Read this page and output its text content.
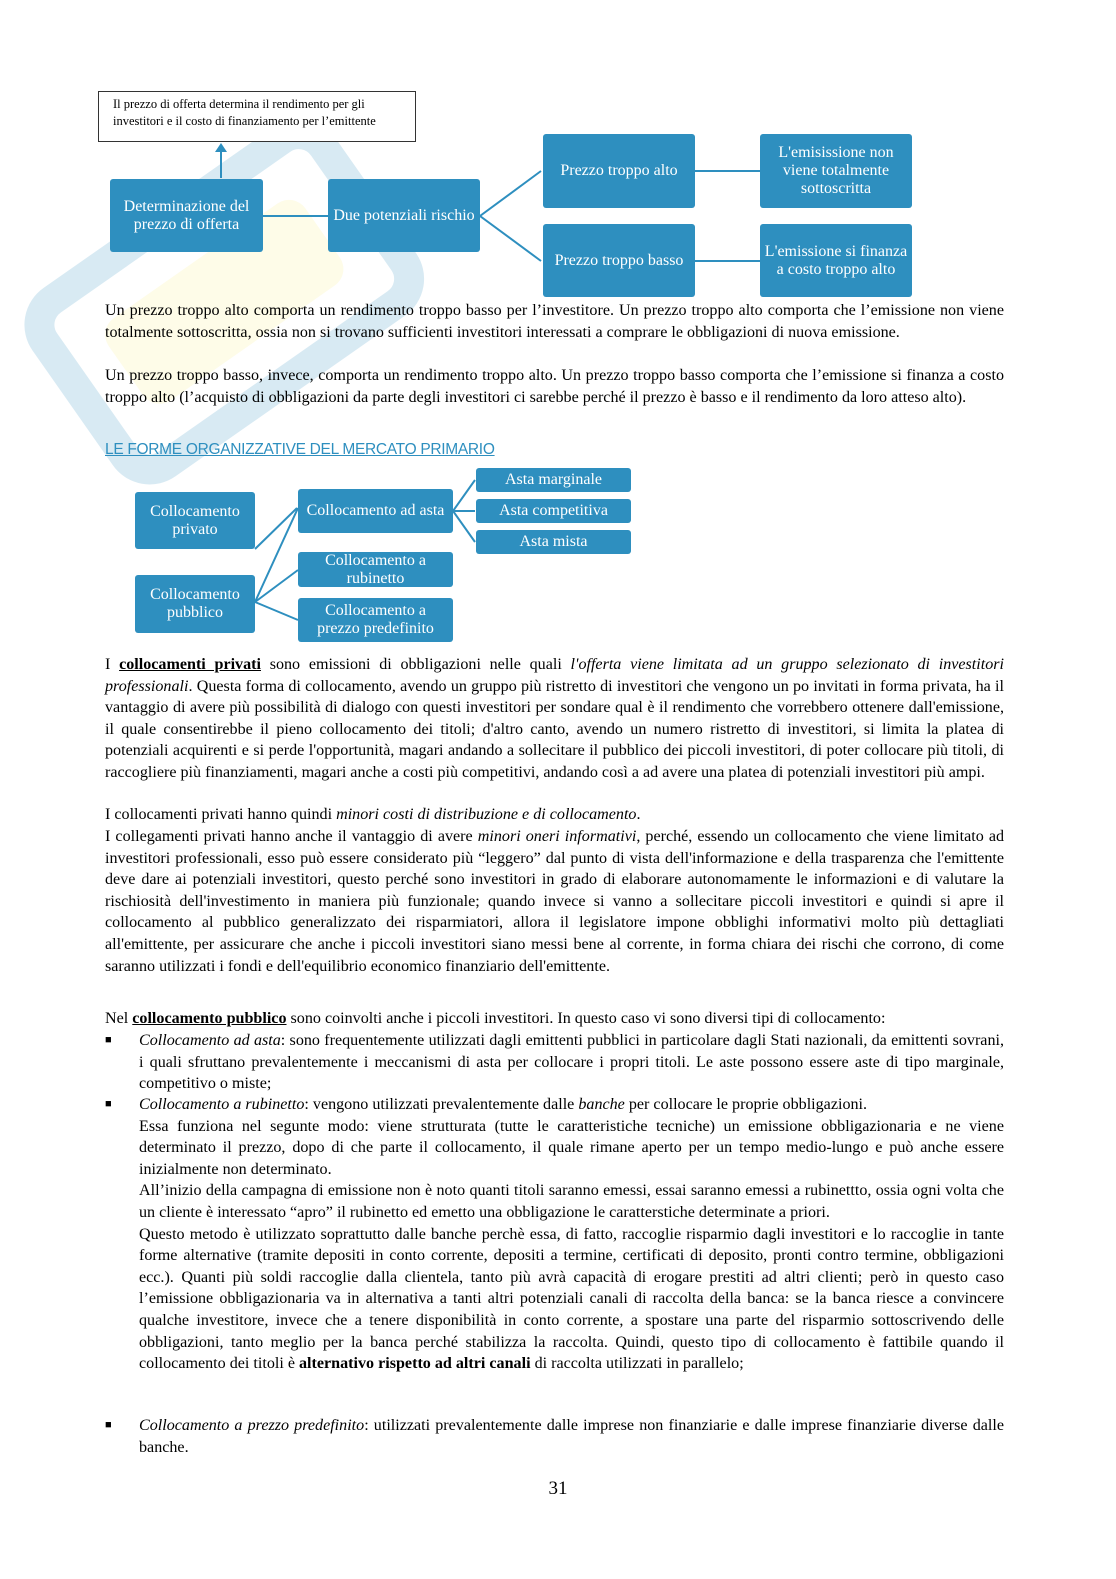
Il prezzo di offerta determina il rendimento per gli investitori e il costo di finanziamento per l’emittente
Determinazione del prezzo di offerta
Due potenziali rischio
Prezzo troppo alto
Prezzo troppo basso
L'emisissione non viene totalmente sottoscritta
L'emissione si finanza a costo troppo alto

Un prezzo troppo alto comporta un rendimento troppo basso per l’investitore. Un prezzo troppo alto comporta che l’emissione non viene totalmente sottoscritta, ossia non si trovano sufficienti investitori interessati a comprare le obbligazioni di nuova emissione.

Un prezzo troppo basso, invece, comporta un rendimento troppo alto. Un prezzo troppo basso comporta che l’emissione si finanza a costo troppo alto (l’acquisto di obbligazioni da parte degli investitori ci sarebbe perché il prezzo è basso e il rendimento da loro atteso alto).

LE FORME ORGANIZZATIVE DEL MERCATO PRIMARIO
Collocamento privato
Collocamento pubblico
Collocamento ad asta
Collocamento a rubinetto
Collocamento a prezzo predefinito
Asta marginale
Asta competitiva
Asta mista

I collocamenti privati sono emissioni di obbligazioni nelle quali l'offerta viene limitata ad un gruppo selezionato di investitori professionali. Questa forma di collocamento, avendo un gruppo più ristretto di investitori che vengono un po invitati in forma privata, ha il vantaggio di avere più possibilità di dialogo con questi investitori per sondare qual è il rendimento che vorrebbero ottenere dall'emissione, il quale consentirebbe il pieno collocamento dei titoli; d'altro canto, avendo un numero ristretto di investitori, si limita la platea di potenziali acquirenti e si perde l'opportunità, magari andando a sollecitare il pubblico dei piccoli investitori, di poter collocare più titoli, di raccogliere più finanziamenti, magari anche a costi più competitivi, andando così a ad avere una platea di potenziali investitori più ampi.

I collocamenti privati hanno quindi minori costi di distribuzione e di collocamento.

I collegamenti privati hanno anche il vantaggio di avere minori oneri informativi, perché, essendo un collocamento che viene limitato ad investitori professionali, esso può essere considerato più “leggero” dal punto di vista dell'informazione e della trasparenza che l'emittente deve dare ai potenziali investitori, questo perché sono investitori in grado di elaborare autonomamente le informazioni e di valutare la rischiosità dell'investimento in maniera più funzionale; quando invece si vanno a sollecitare piccoli investitori e quindi si apre il collocamento al pubblico generalizzato dei risparmiatori, allora il legislatore impone obblighi informativi molto più dettagliati all'emittente, per assicurare che anche i piccoli investitori siano messi bene al corrente, in forma chiara dei rischi che corrono, di come saranno utilizzati i fondi e dell'equilibrio economico finanziario dell'emittente.

Nel collocamento pubblico sono coinvolti anche i piccoli investitori. In questo caso vi sono diversi tipi di collocamento:

■ Collocamento ad asta: sono frequentemente utilizzati dagli emittenti pubblici in particolare dagli Stati nazionali, da emittenti sovrani, i quali sfruttano prevalentemente i meccanismi di asta per collocare i propri titoli. Le aste possono essere aste di tipo marginale, competitivo o miste;

■ Collocamento a rubinetto: vengono utilizzati prevalentemente dalle banche per collocare le proprie obbligazioni.

Essa funziona nel segunte modo: viene strutturata (tutte le caratteristiche tecniche) un emissione obbligazionaria e ne viene determinato il prezzo, dopo di che parte il collocamento, il quale rimane aperto per un tempo medio-lungo e può anche essere inizialmente non determinato.

All’inizio della campagna di emissione non è noto quanti titoli saranno emessi, essai saranno emessi a rubinettto, ossia ogni volta che un cliente è interessato “apro” il rubinetto ed emetto una obbligazione le caratterstiche determinate a priori.

Questo metodo è utilizzato soprattutto dalle banche perchè essa, di fatto, raccoglie risparmio dagli investitori e lo raccoglie in tante forme alternative (tramite depositi in conto corrente, depositi a termine, certificati di deposito, pronti contro termine, obbligazioni ecc.). Quanti più soldi raccoglie dalla clientela, tanto più avrà capacità di erogare prestiti ad altri clienti; però in questo caso l’emissione obbligazionaria va in alternativa a tanti altri potenziali canali di raccolta della banca: se la banca riesce a convincere qualche investitore, invece che a tenere disponibilità in conto corrente, a spostare una parte del risparmio sottoscrivendo delle obbligazioni, tanto meglio per la banca perché stabilizza la raccolta. Quindi, questo tipo di collocamento è fattibile quando il collocamento dei titoli è alternativo rispetto ad altri canali di raccolta utilizzati in parallelo;

■ Collocamento a prezzo predefinito: utilizzati prevalentemente dalle imprese non finanziarie e dalle imprese finanziarie diverse dalle banche.

31
